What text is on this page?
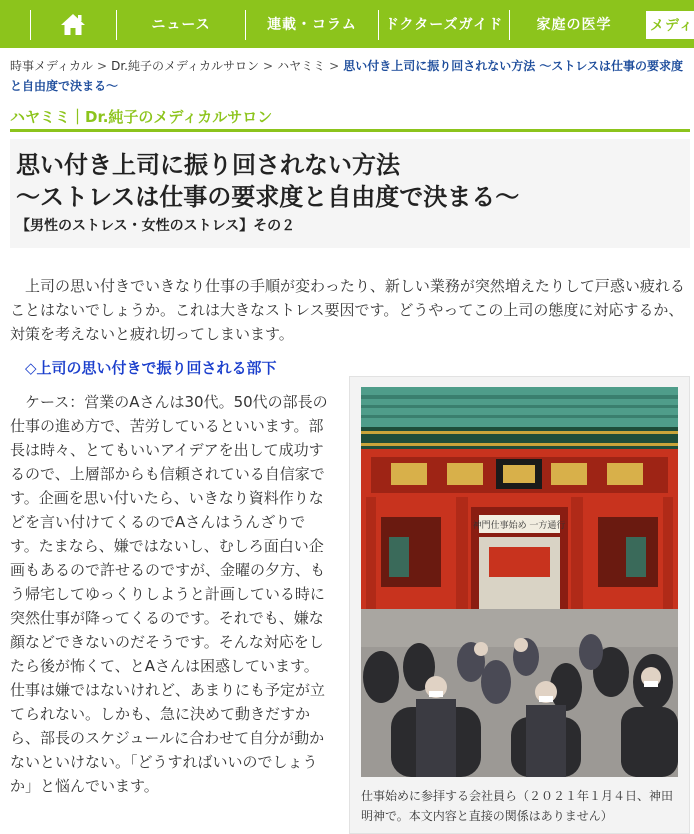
ニュース	連載・コラム	ドクターズガイド	家庭の医学	メディ
時事メディカル > Dr.純子のメディカルサロン > ハヤミミ > 思い付き上司に振り回されない方法 〜ストレスは仕事の要求度と自由度で決まる〜
ハヤミミ｜Dr.純子のメディカルサロン
思い付き上司に振り回されない方法
〜ストレスは仕事の要求度と自由度で決まる〜
【男性のストレス・女性のストレス】その２

上司の思い付きでいきなり仕事の手順が変わったり、新しい業務が突然増えたりして戸惑い疲れることはないでしょうか。これは大きなストレス要因です。どうやってこの上司の態度に対応するか、対策を考えないと疲れ切ってしまいます。

◇上司の思い付きで振り回される部下

ケース：営業のAさんは30代。50代の部長の仕事の進め方で、苦労しているといいます。部長は時々、とてもいいアイデアを出して成功するので、上層部からも信頼されている自信家です。企画を思い付いたら、いきなり資料作りなどを言い付けてくるのでAさんはうんざりです。たまなら、嫌ではないし、むしろ面白い企画もあるので許せるのですが、金曜の夕方、もう帰宅してゆっくりしようと計画している時に突然仕事が降ってくるのです。それでも、嫌な顔などできないのだそうです。そんな対応をしたら後が怖くて、とAさんは困惑しています。仕事は嫌ではないけれど、あまりにも予定が立てられない。しかも、急に決めて動きだすから、部長のスケジュールに合わせて自分が動かないといけない。「どうすればいいのでしょうか」と悩んでいます。

神門仕事始め 一方通行
仕事始めに参拝する会社員ら（２０２１年１月４日、神田明神で。本文内容と直接の関係はありません）
